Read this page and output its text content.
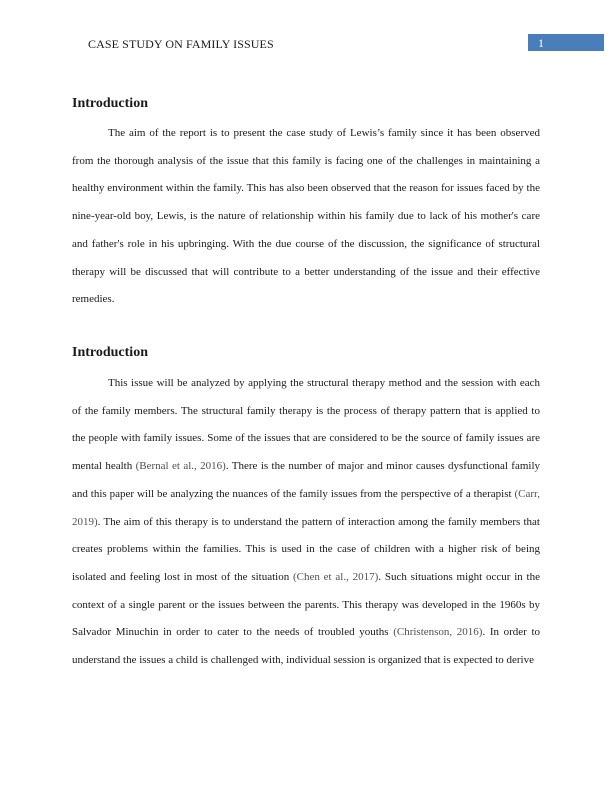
CASE STUDY ON FAMILY ISSUES	1
Introduction

The aim of the report is to present the case study of Lewis’s family since it has been observed from the thorough analysis of the issue that this family is facing one of the challenges in maintaining a healthy environment within the family. This has also been observed that the reason for issues faced by the nine-year-old boy, Lewis, is the nature of relationship within his family due to lack of his mother's care and father's role in his upbringing. With the due course of the discussion, the significance of structural therapy will be discussed that will contribute to a better understanding of the issue and their effective remedies.

Introduction

This issue will be analyzed by applying the structural therapy method and the session with each of the family members. The structural family therapy is the process of therapy pattern that is applied to the people with family issues. Some of the issues that are considered to be the source of family issues are mental health (Bernal et al., 2016). There is the number of major and minor causes dysfunctional family and this paper will be analyzing the nuances of the family issues from the perspective of a therapist (Carr, 2019). The aim of this therapy is to understand the pattern of interaction among the family members that creates problems within the families. This is used in the case of children with a higher risk of being isolated and feeling lost in most of the situation (Chen et al., 2017). Such situations might occur in the context of a single parent or the issues between the parents. This therapy was developed in the 1960s by Salvador Minuchin in order to cater to the needs of troubled youths (Christenson, 2016). In order to understand the issues a child is challenged with, individual session is organized that is expected to derive
